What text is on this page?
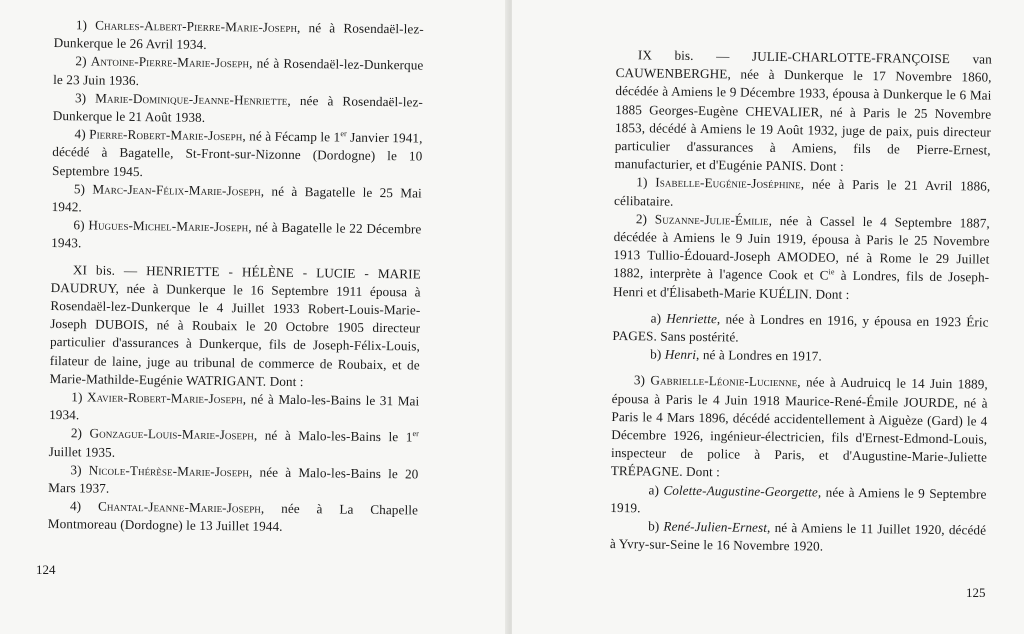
1) Charles-Albert-Pierre-Marie-Joseph, né à Rosendaël-lez-Dunkerque le 26 Avril 1934.

2) Antoine-Pierre-Marie-Joseph, né à Rosendaël-lez-Dunkerque le 23 Juin 1936.

3) Marie-Dominique-Jeanne-Henriette, née à Rosendaël-lez-Dunkerque le 21 Août 1938.

4) Pierre-Robert-Marie-Joseph, né à Fécamp le 1er Janvier 1941, décédé à Bagatelle, St-Front-sur-Nizonne (Dordogne) le 10 Septembre 1945.

5) Marc-Jean-Félix-Marie-Joseph, né à Bagatelle le 25 Mai 1942.

6) Hugues-Michel-Marie-Joseph, né à Bagatelle le 22 Décembre 1943.

XI bis. — HENRIETTE - HÉLÈNE - LUCIE - MARIE DAUDRUY, née à Dunkerque le 16 Septembre 1911 épousa à Rosendaël-lez-Dunkerque le 4 Juillet 1933 Robert-Louis-Marie-Joseph DUBOIS, né à Roubaix le 20 Octobre 1905 directeur particulier d'assurances à Dunkerque, fils de Joseph-Félix-Louis, filateur de laine, juge au tribunal de commerce de Roubaix, et de Marie-Mathilde-Eugénie WATRIGANT. Dont :

1) Xavier-Robert-Marie-Joseph, né à Malo-les-Bains le 31 Mai 1934.

2) Gonzague-Louis-Marie-Joseph, né à Malo-les-Bains le 1er Juillet 1935.

3) Nicole-Thérèse-Marie-Joseph, née à Malo-les-Bains le 20 Mars 1937.

4) Chantal-Jeanne-Marie-Joseph, née à La Chapelle Montmoreau (Dordogne) le 13 Juillet 1944.

124

IX bis. — JULIE-CHARLOTTE-FRANÇOISE van CAUWENBERGHE, née à Dunkerque le 17 Novembre 1860, décédée à Amiens le 9 Décembre 1933, épousa à Dunkerque le 6 Mai 1885 Georges-Eugène CHEVALIER, né à Paris le 25 Novembre 1853, décédé à Amiens le 19 Août 1932, juge de paix, puis directeur particulier d'assurances à Amiens, fils de Pierre-Ernest, manufacturier, et d'Eugénie PANIS. Dont :

1) Isabelle-Eugénie-Joséphine, née à Paris le 21 Avril 1886, célibataire.

2) Suzanne-Julie-Émilie, née à Cassel le 4 Septembre 1887, décédée à Amiens le 9 Juin 1919, épousa à Paris le 25 Novembre 1913 Tullio-Édouard-Joseph AMODEO, né à Rome le 29 Juillet 1882, interprète à l'agence Cook et $C^{ie}$ à Londres, fils de Joseph-Henri et d'Élisabeth-Marie KUÉLIN. Dont :

a) Henriette, née à Londres en 1916, y épousa en 1923 Éric PAGES. Sans postérité.

b) Henri, né à Londres en 1917.

3) Gabrielle-Léonie-Lucienne, née à Audruicq le 14 Juin 1889, épousa à Paris le 4 Juin 1918 Maurice-René-Émile JOURDE, né à Paris le 4 Mars 1896, décédé accidentellement à Aiguèze (Gard) le 4 Décembre 1926, ingénieur-électricien, fils d'Ernest-Edmond-Louis, inspecteur de police à Paris, et d'Augustine-Marie-Juliette TRÉPAGNE. Dont :

a) Colette-Augustine-Georgette, née à Amiens le 9 Septembre 1919.

b) René-Julien-Ernest, né à Amiens le 11 Juillet 1920, décédé à Yvry-sur-Seine le 16 Novembre 1920.

125
